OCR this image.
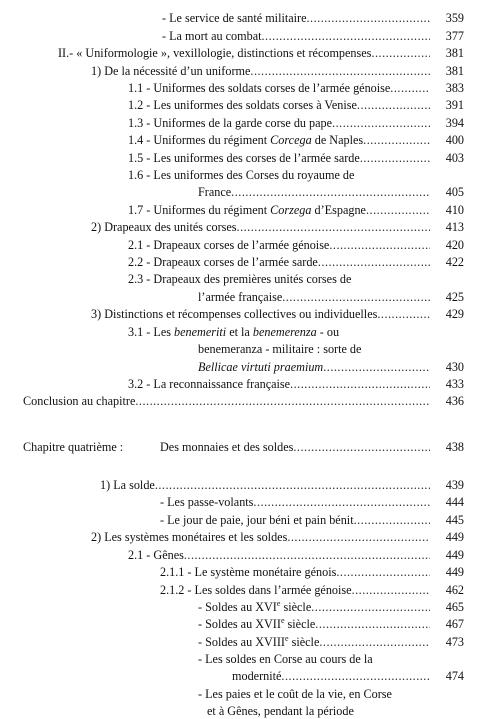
- Le service de santé militaire .....	359
- La mort au combat .....	377
II.- « Uniformologie », vexillologie, distinctions et récompenses .....	381
1) De la nécessité d’un uniforme .....	381
1.1 - Uniformes des soldats corses de l’armée génoise .....	383
1.2 - Les uniformes des soldats corses à Venise .....	391
1.3 - Uniformes de la garde corse du pape .....	394
1.4 - Uniformes du régiment Corcega de Naples .....	400
1.5 - Les uniformes des corses de l’armée sarde .....	403
1.6 - Les uniformes des Corses du royaume de
France .....	405
1.7 - Uniformes du régiment Corzega d’Espagne .....	410
2) Drapeaux des unités corses .....	413
2.1 - Drapeaux corses de l’armée génoise .....	420
2.2 - Drapeaux corses de l’armée sarde .....	422
2.3 - Drapeaux des premières unités corses de
l’armée française .....	425
3) Distinctions et récompenses collectives ou individuelles .....	429
3.1 - Les benemeriti et la benemerenza - ou
benemeranza - militaire : sorte de
Bellicae virtuti praemium .....	430
3.2 - La reconnaissance française .....	433
Conclusion au chapitre .....	436
Chapitre quatrième :	Des monnaies et des soldes .....	438
1) La solde .....	439
- Les passe-volants .....	444
- Le jour de paie, jour béni et pain bénit .....	445
2) Les systèmes monétaires et les soldes .....	449
2.1 - Gênes .....	449
2.1.1 - Le système monétaire génois .....	449
2.1.2 - Les soldes dans l’armée génoise .....	462
- Soldes au XVIe siècle .....	465
- Soldes au XVIIe siècle .....	467
- Soldes au XVIIIe siècle .....	473
- Les soldes en Corse au cours de la
modernité .....	474
- Les paies et le coût de la vie, en Corse
et à Gênes, pendant la période
